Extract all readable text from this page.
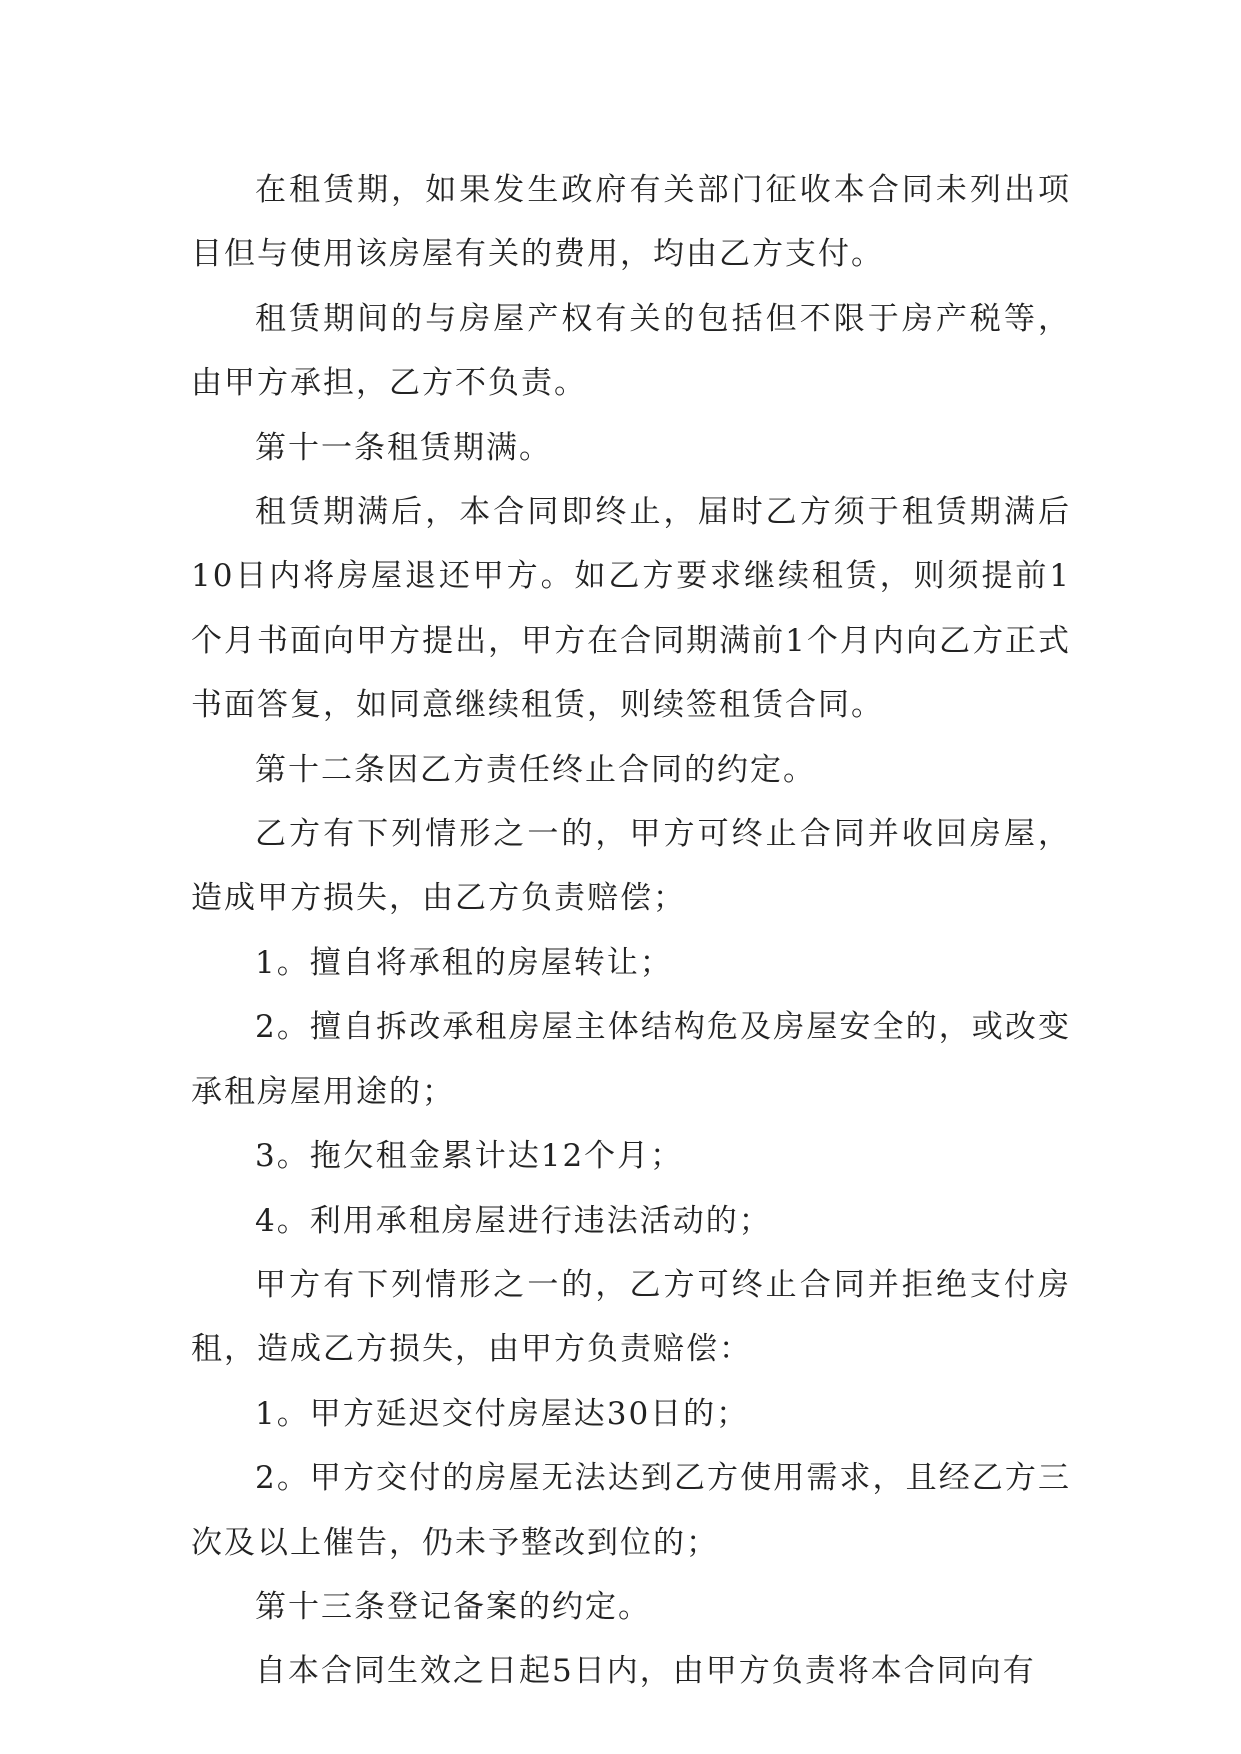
在租赁期，如果发生政府有关部门征收本合同未列出项目但与使用该房屋有关的费用，均由乙方支付。

租赁期间的与房屋产权有关的包括但不限于房产税等，由甲方承担，乙方不负责。

第十一条租赁期满。

租赁期满后，本合同即终止，届时乙方须于租赁期满后10日内将房屋退还甲方。如乙方要求继续租赁，则须提前1个月书面向甲方提出，甲方在合同期满前1个月内向乙方正式书面答复，如同意继续租赁，则续签租赁合同。

第十二条因乙方责任终止合同的约定。

乙方有下列情形之一的，甲方可终止合同并收回房屋，造成甲方损失，由乙方负责赔偿；

1。擅自将承租的房屋转让；

2。擅自拆改承租房屋主体结构危及房屋安全的，或改变承租房屋用途的；

3。拖欠租金累计达12个月；

4。利用承租房屋进行违法活动的；

甲方有下列情形之一的，乙方可终止合同并拒绝支付房租，造成乙方损失，由甲方负责赔偿：

1。甲方延迟交付房屋达30日的；

2。甲方交付的房屋无法达到乙方使用需求，且经乙方三次及以上催告，仍未予整改到位的；

第十三条登记备案的约定。

自本合同生效之日起5日内，由甲方负责将本合同向有
